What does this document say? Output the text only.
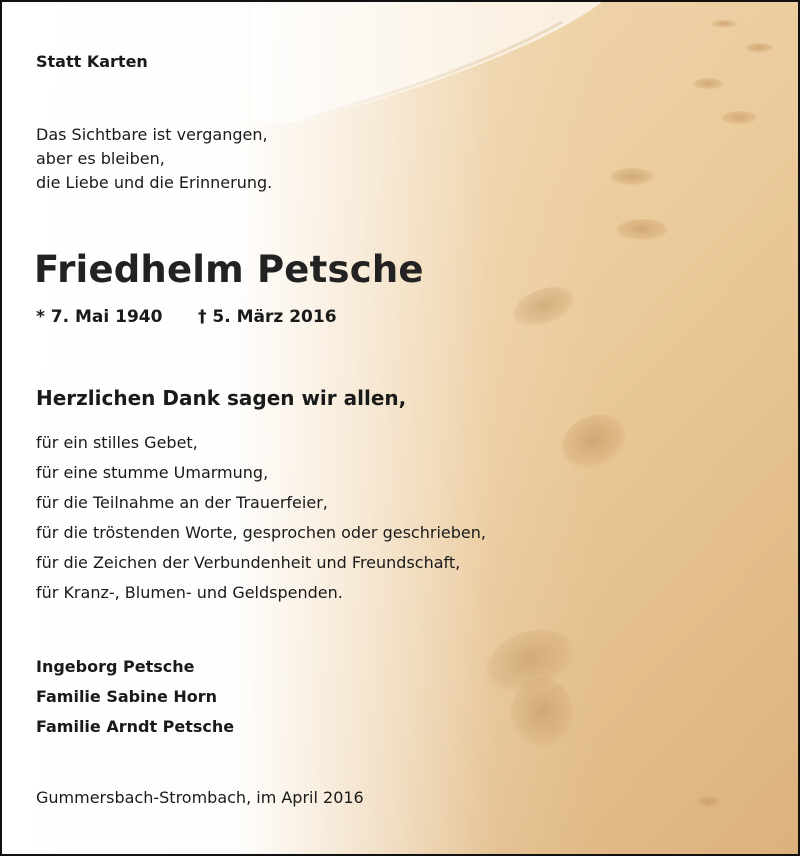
Statt Karten

Das Sichtbare ist vergangen,
aber es bleiben,
die Liebe und die Erinnerung.
Friedhelm Petsche

* 7. Mai 1940 † 5. März 2016

Herzlichen Dank sagen wir allen,
für ein stilles Gebet,
für eine stumme Umarmung,
für die Teilnahme an der Trauerfeier,
für die tröstenden Worte, gesprochen oder geschrieben,
für die Zeichen der Verbundenheit und Freundschaft,
für Kranz-, Blumen- und Geldspenden.
Ingeborg Petsche
Familie Sabine Horn
Familie Arndt Petsche

Gummersbach-Strombach, im April 2016
